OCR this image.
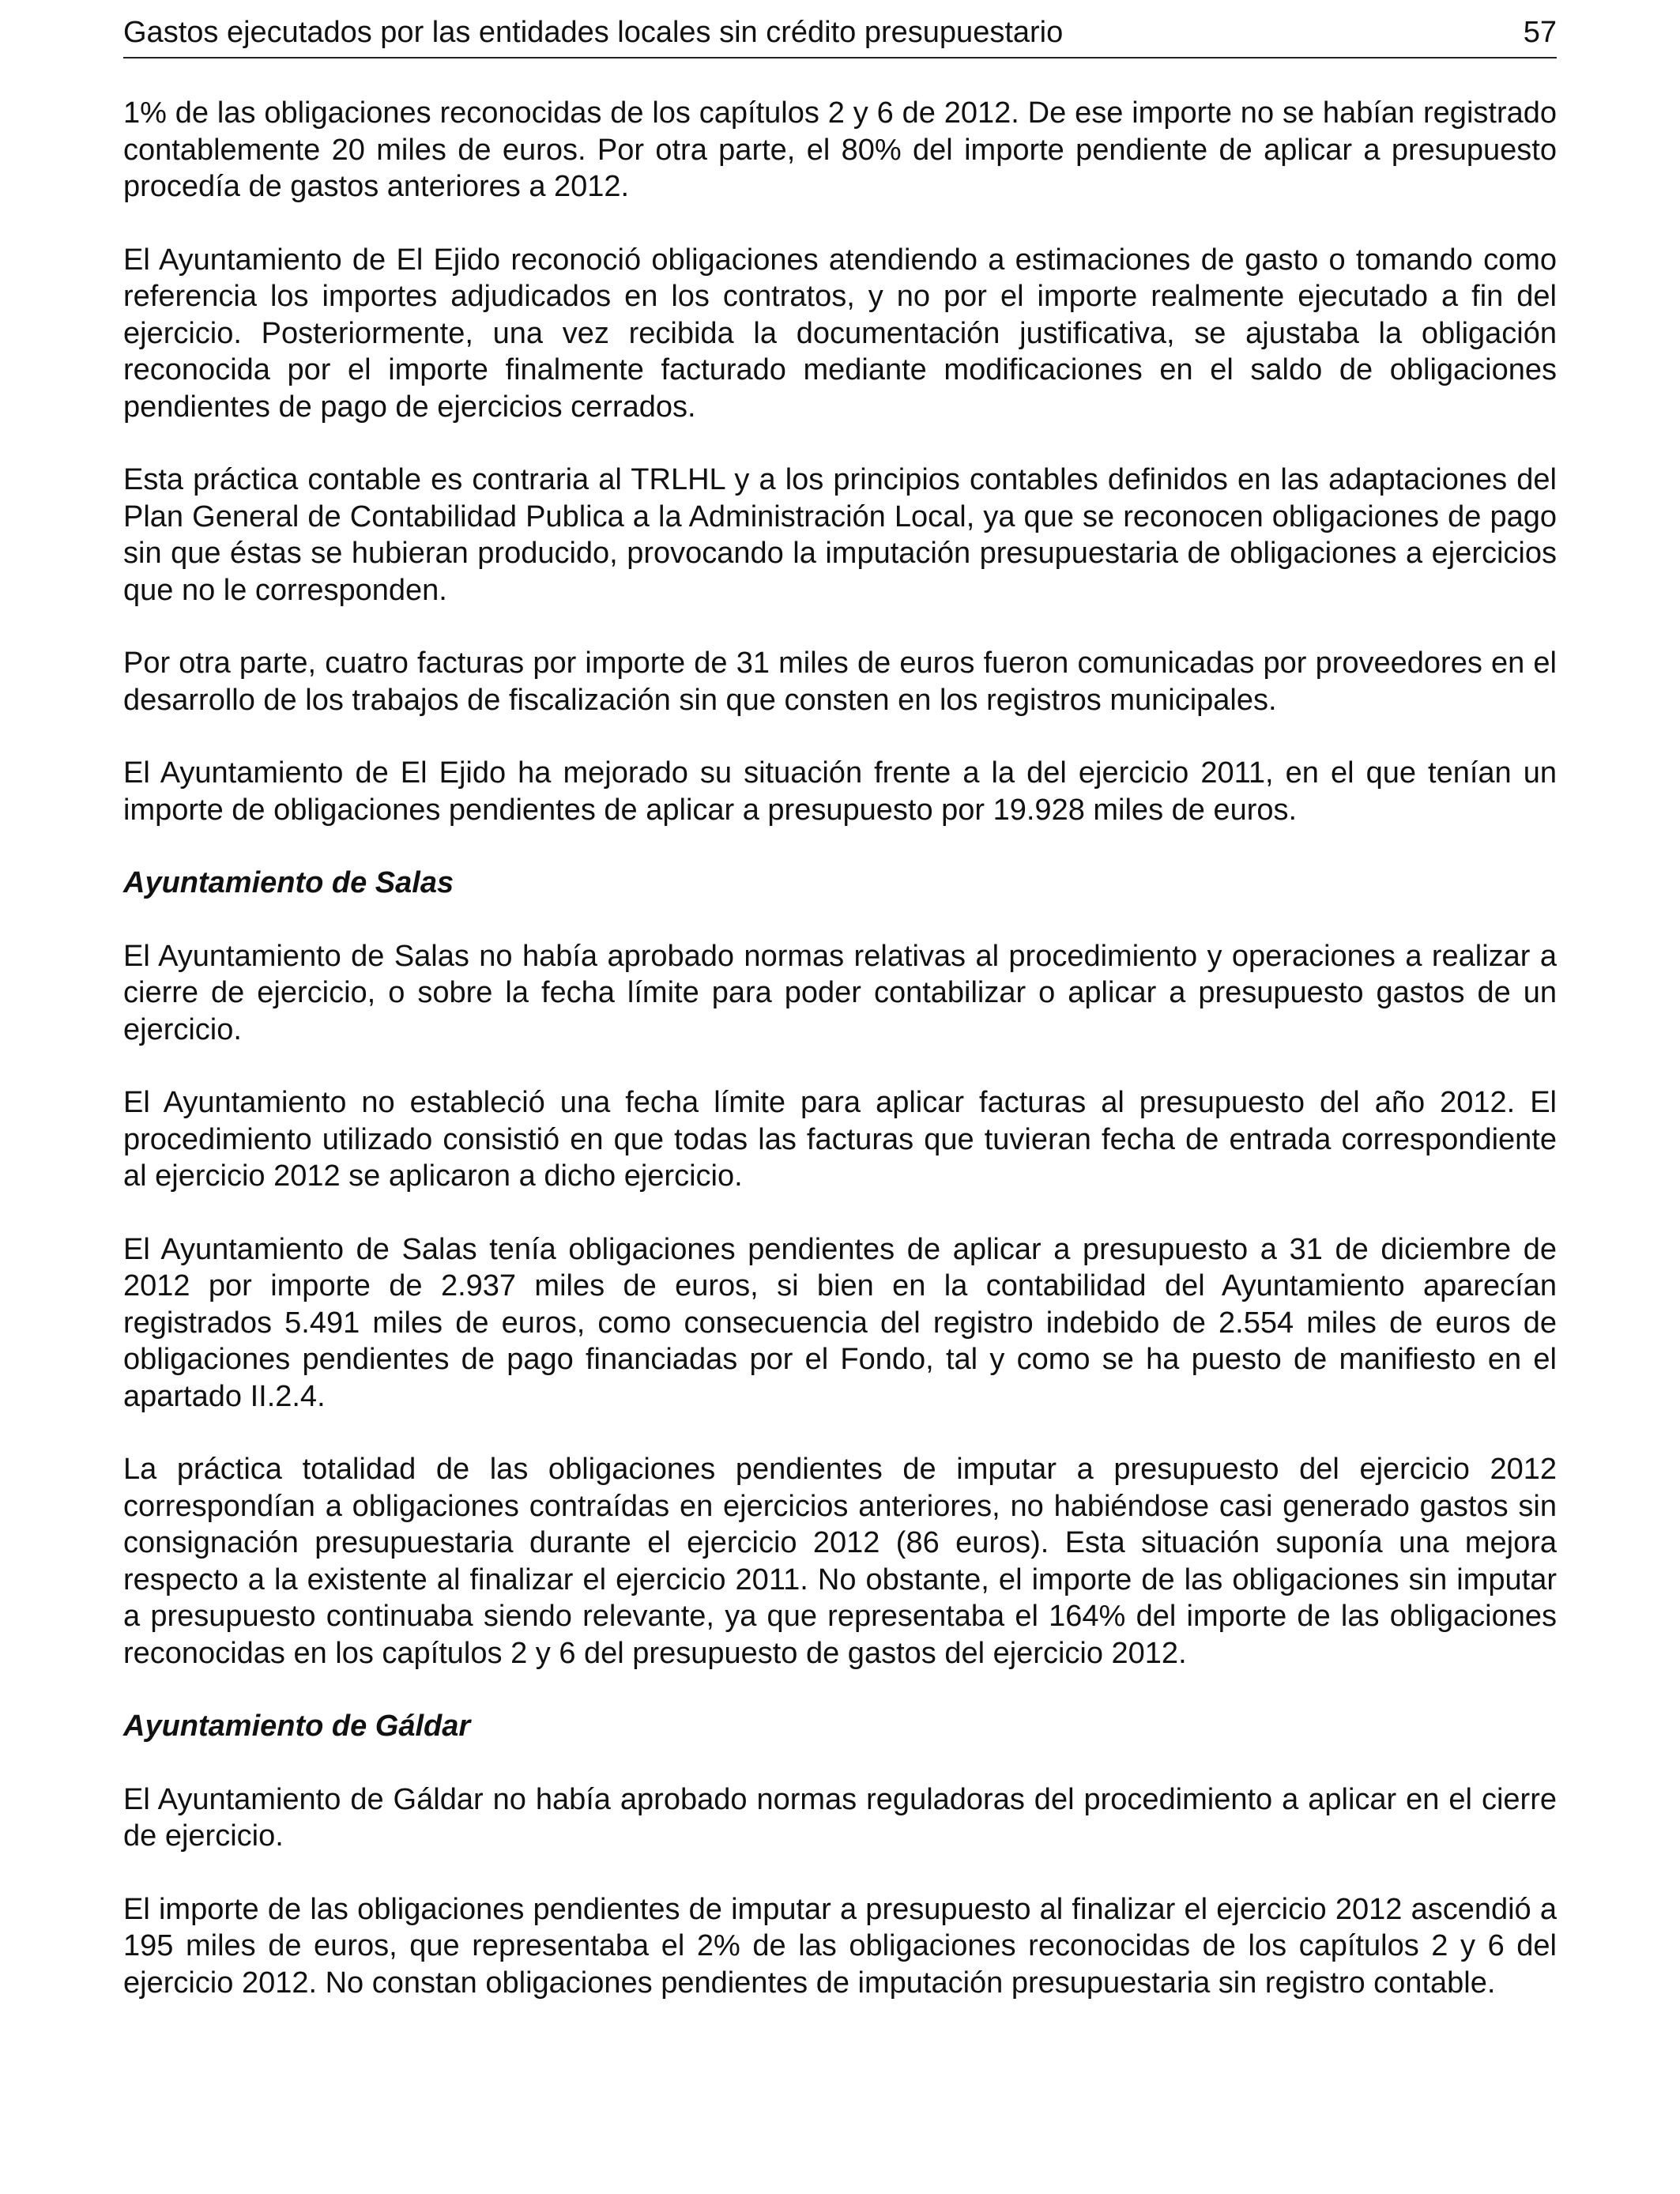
Gastos ejecutados por las entidades locales sin crédito presupuestario	57

1% de las obligaciones reconocidas de los capítulos 2 y 6 de 2012. De ese importe no se habían registrado contablemente 20 miles de euros. Por otra parte, el 80% del importe pendiente de aplicar a presupuesto procedía de gastos anteriores a 2012.

El Ayuntamiento de El Ejido reconoció obligaciones atendiendo a estimaciones de gasto o tomando como referencia los importes adjudicados en los contratos, y no por el importe realmente ejecutado a fin del ejercicio. Posteriormente, una vez recibida la documentación justificativa, se ajustaba la obligación reconocida por el importe finalmente facturado mediante modificaciones en el saldo de obligaciones pendientes de pago de ejercicios cerrados.

Esta práctica contable es contraria al TRLHL y a los principios contables definidos en las adaptaciones del Plan General de Contabilidad Publica a la Administración Local, ya que se reconocen obligaciones de pago sin que éstas se hubieran producido, provocando la imputación presupuestaria de obligaciones a ejercicios que no le corresponden.

Por otra parte, cuatro facturas por importe de 31 miles de euros fueron comunicadas por proveedores en el desarrollo de los trabajos de fiscalización sin que consten en los registros municipales.

El Ayuntamiento de El Ejido ha mejorado su situación frente a la del ejercicio 2011, en el que tenían un importe de obligaciones pendientes de aplicar a presupuesto por 19.928 miles de euros.

Ayuntamiento de Salas

El Ayuntamiento de Salas no había aprobado normas relativas al procedimiento y operaciones a realizar a cierre de ejercicio, o sobre la fecha límite para poder contabilizar o aplicar a presupuesto gastos de un ejercicio.

El Ayuntamiento no estableció una fecha límite para aplicar facturas al presupuesto del año 2012. El procedimiento utilizado consistió en que todas las facturas que tuvieran fecha de entrada correspondiente al ejercicio 2012 se aplicaron a dicho ejercicio.

El Ayuntamiento de Salas tenía obligaciones pendientes de aplicar a presupuesto a 31 de diciembre de 2012 por importe de 2.937 miles de euros, si bien en la contabilidad del Ayuntamiento aparecían registrados 5.491 miles de euros, como consecuencia del registro indebido de 2.554 miles de euros de obligaciones pendientes de pago financiadas por el Fondo, tal y como se ha puesto de manifiesto en el apartado II.2.4.

La práctica totalidad de las obligaciones pendientes de imputar a presupuesto del ejercicio 2012 correspondían a obligaciones contraídas en ejercicios anteriores, no habiéndose casi generado gastos sin consignación presupuestaria durante el ejercicio 2012 (86 euros). Esta situación suponía una mejora respecto a la existente al finalizar el ejercicio 2011. No obstante, el importe de las obligaciones sin imputar a presupuesto continuaba siendo relevante, ya que representaba el 164% del importe de las obligaciones reconocidas en los capítulos 2 y 6 del presupuesto de gastos del ejercicio 2012.

Ayuntamiento de Gáldar

El Ayuntamiento de Gáldar no había aprobado normas reguladoras del procedimiento a aplicar en el cierre de ejercicio.

El importe de las obligaciones pendientes de imputar a presupuesto al finalizar el ejercicio 2012 ascendió a 195 miles de euros, que representaba el 2% de las obligaciones reconocidas de los capítulos 2 y 6 del ejercicio 2012. No constan obligaciones pendientes de imputación presupuestaria sin registro contable.
